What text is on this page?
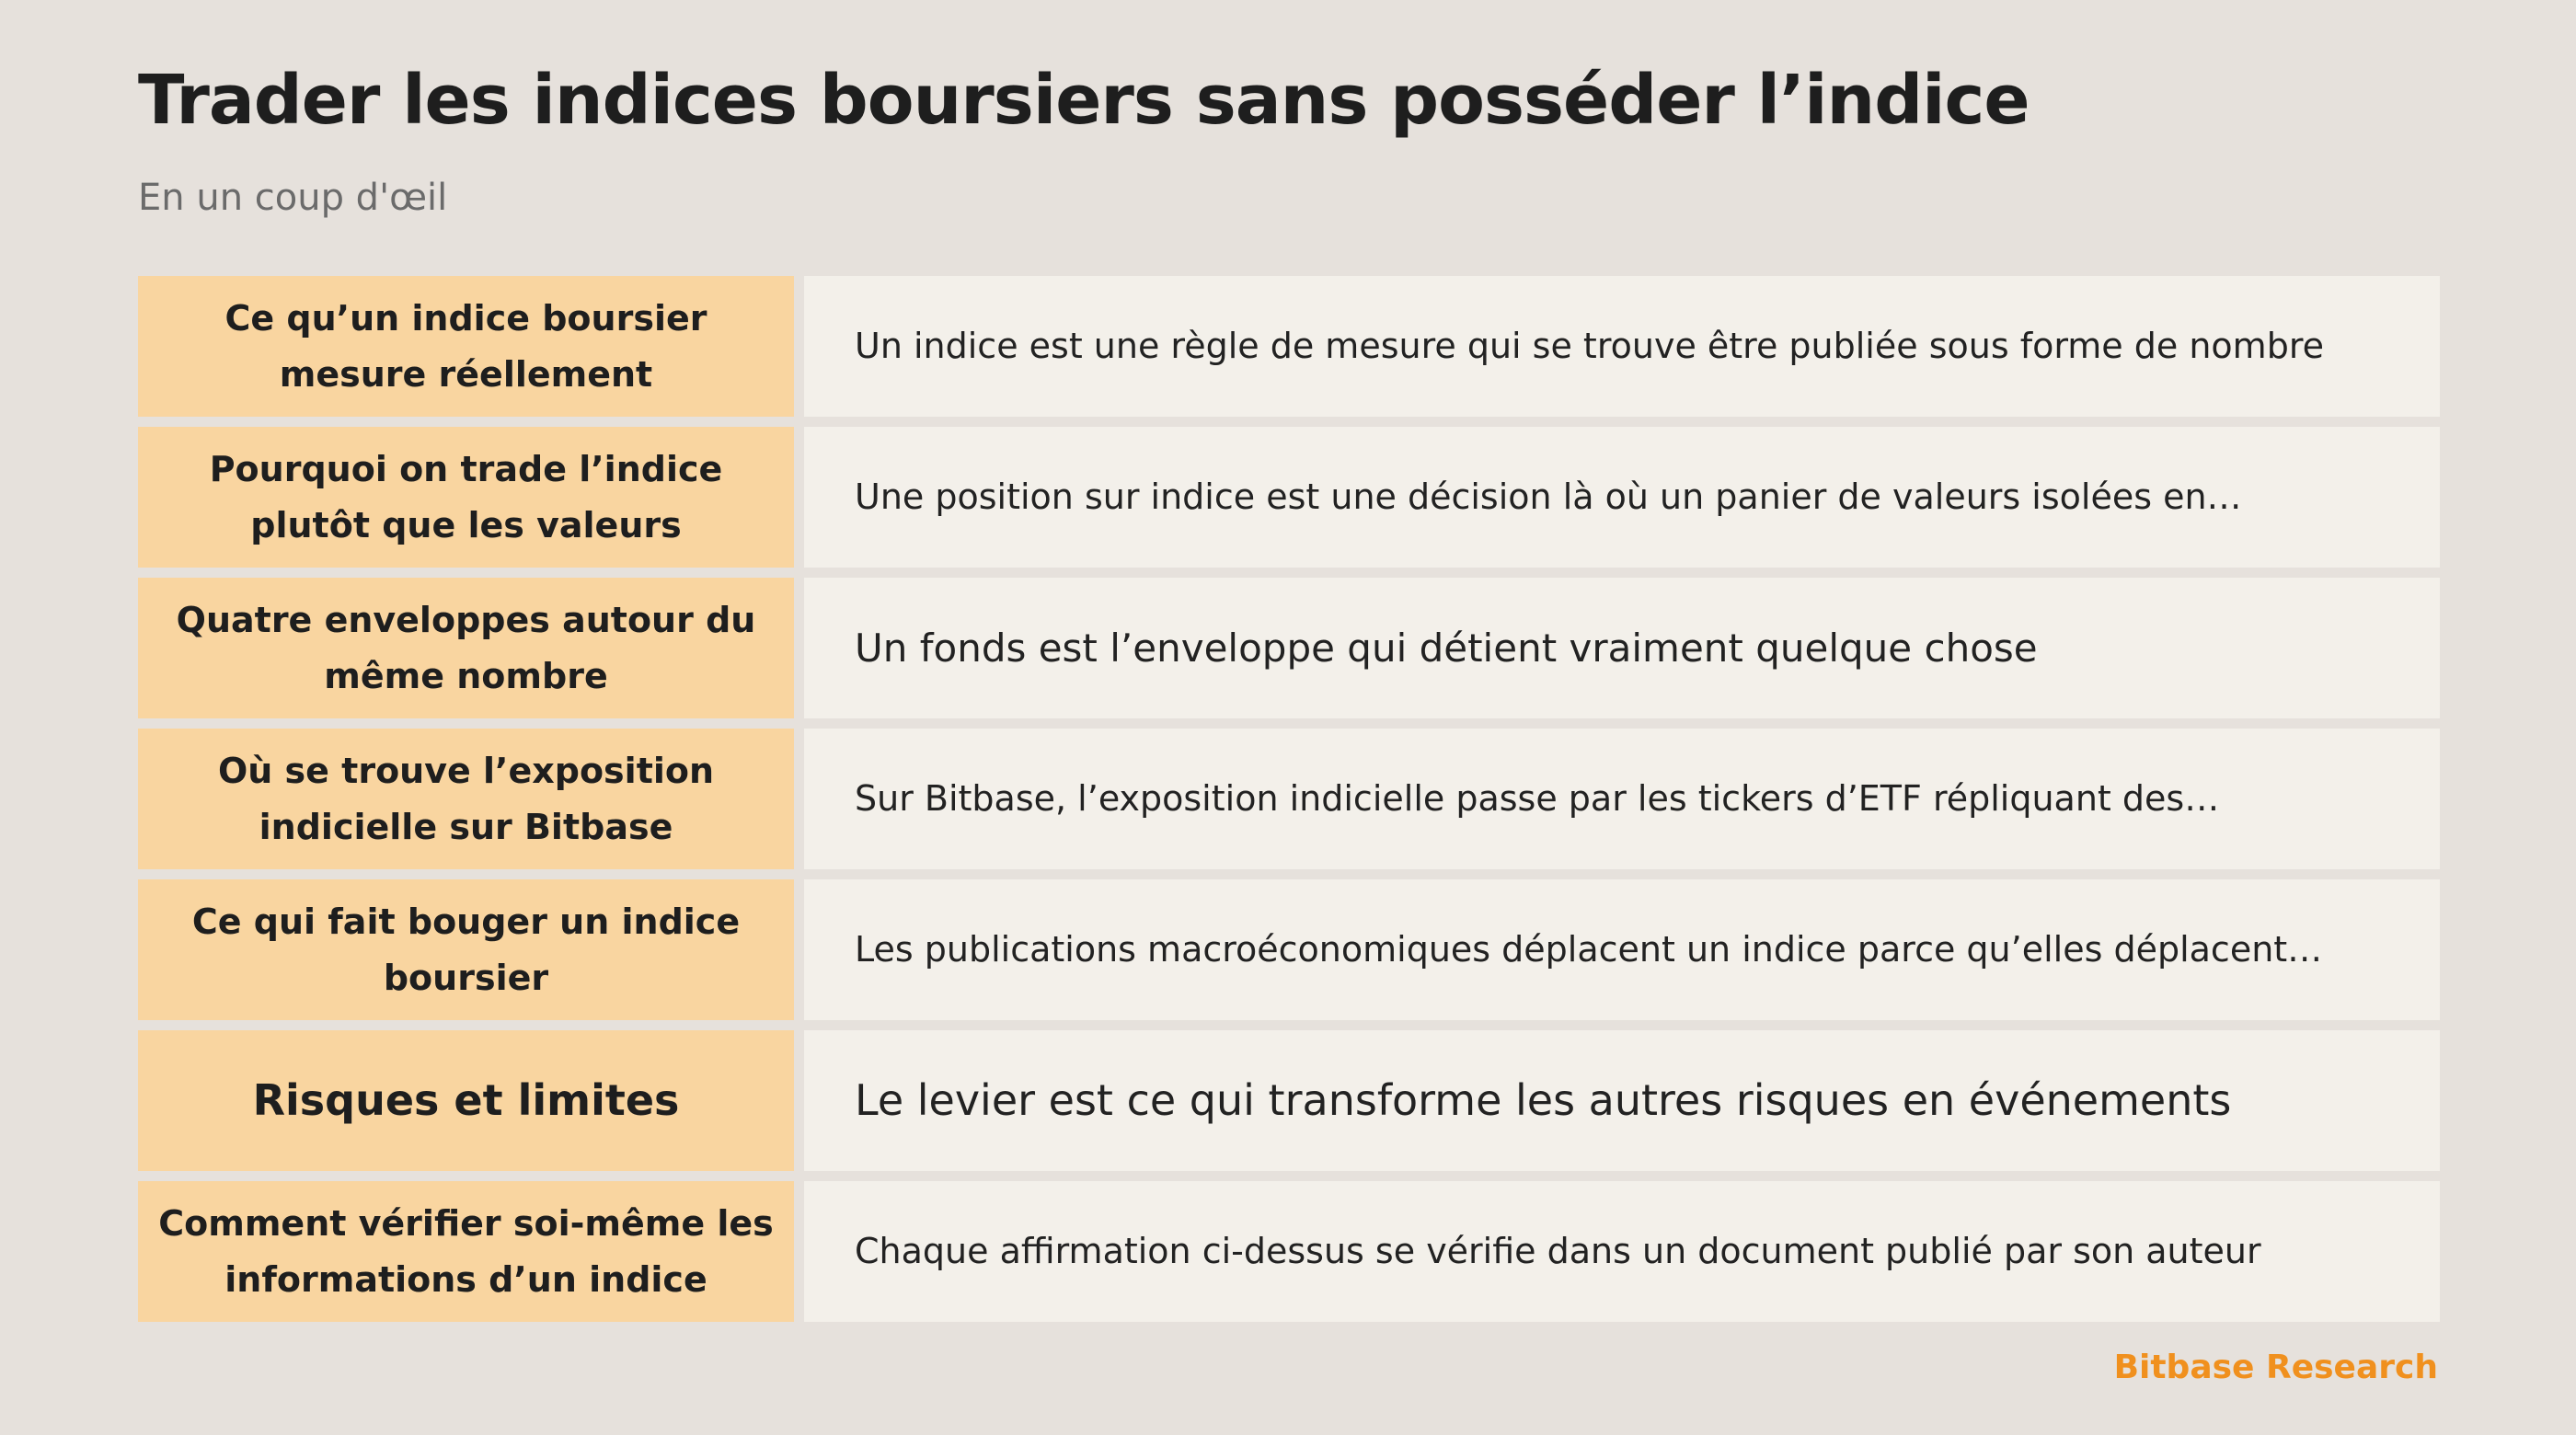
Trader les indices boursiers sans posséder l’indice

En un coup d'œil

Ce qu’un indice boursier mesure réellement
Un indice est une règle de mesure qui se trouve être publiée sous forme de nombre
Pourquoi on trade l’indice plutôt que les valeurs
Une position sur indice est une décision là où un panier de valeurs isolées en…
Quatre enveloppes autour du même nombre
Un fonds est l’enveloppe qui détient vraiment quelque chose
Où se trouve l’exposition indicielle sur Bitbase
Sur Bitbase, l’exposition indicielle passe par les tickers d’ETF répliquant des…
Ce qui fait bouger un indice boursier
Les publications macroéconomiques déplacent un indice parce qu’elles déplacent…
Risques et limites	Le levier est ce qui transforme les autres risques en événements
Comment vérifier soi-même les informations d’un indice
Chaque affirmation ci-dessus se vérifie dans un document publié par son auteur
Bitbase Research
